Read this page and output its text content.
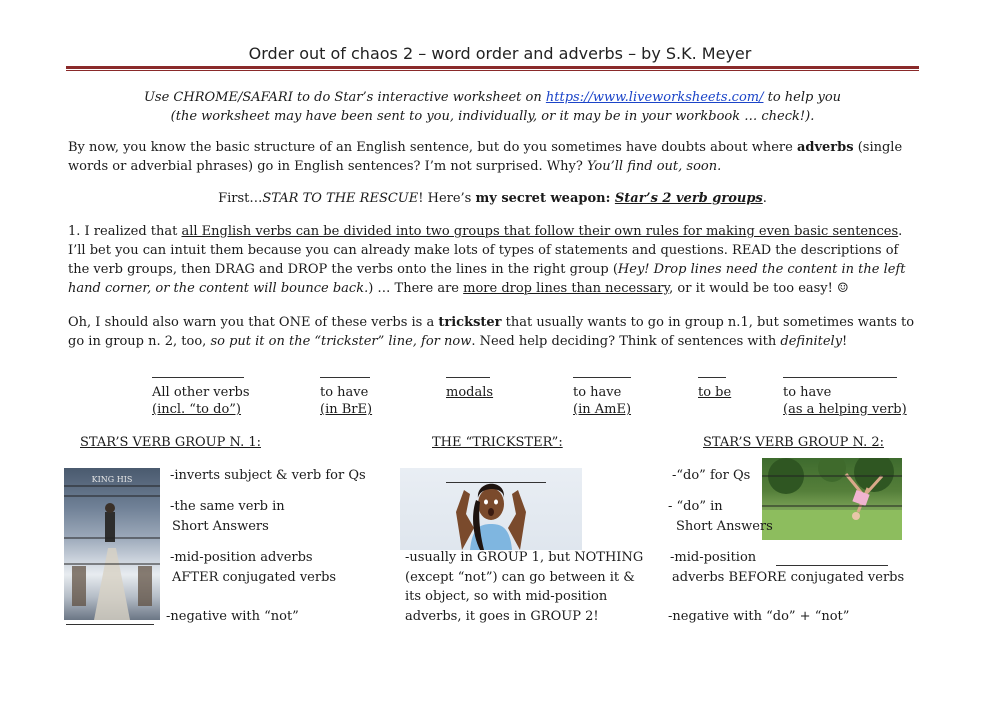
Order out of chaos 2 – word order and adverbs – by S.K. Meyer
Use CHROME/SAFARI to do Star’s interactive worksheet on https://www.liveworksheets.com/ to help you
(the worksheet may have been sent to you, individually, or it may be in your workbook … check!).
By now, you know the basic structure of an English sentence, but do you sometimes have doubts about where adverbs (single words or adverbial phrases) go in English sentences? I’m not surprised. Why? You’ll find out, soon.
First…STAR TO THE RESCUE! Here’s my secret weapon: Star’s 2 verb groups.
1. I realized that all English verbs can be divided into two groups that follow their own rules for making even basic sentences. I’ll bet you can intuit them because you can already make lots of types of statements and questions. READ the descriptions of the verb groups, then DRAG and DROP the verbs onto the lines in the right group (Hey! Drop lines need the content in the left hand corner, or the content will bounce back.) … There are more drop lines than necessary, or it would be too easy! ☺
Oh, I should also warn you that ONE of these verbs is a trickster that usually wants to go in group n.1, but sometimes wants to go in group n. 2, too, so put it on the “trickster” line, for now. Need help deciding? Think of sentences with definitely!
All other verbs
(incl. “to do”)
to have
(in BrE)
modals	to have
(in AmE)
to be	to have
(as a helping verb)
STAR’S VERB GROUP N. 1:	THE “TRICKSTER”:	STAR’S VERB GROUP N. 2:
KING HIS	-inverts subject & verb for Qs
-the same verb in
Short Answers
-mid-position adverbs
AFTER conjugated verbs
-negative with “not”
-usually in GROUP 1, but NOTHING
(except “not”) can go between it &
its object, so with mid-position
adverbs, it goes in GROUP 2!
-“do” for Qs
- “do” in
Short Answers
-mid-position
adverbs BEFORE conjugated verbs
-negative with “do” + “not”
